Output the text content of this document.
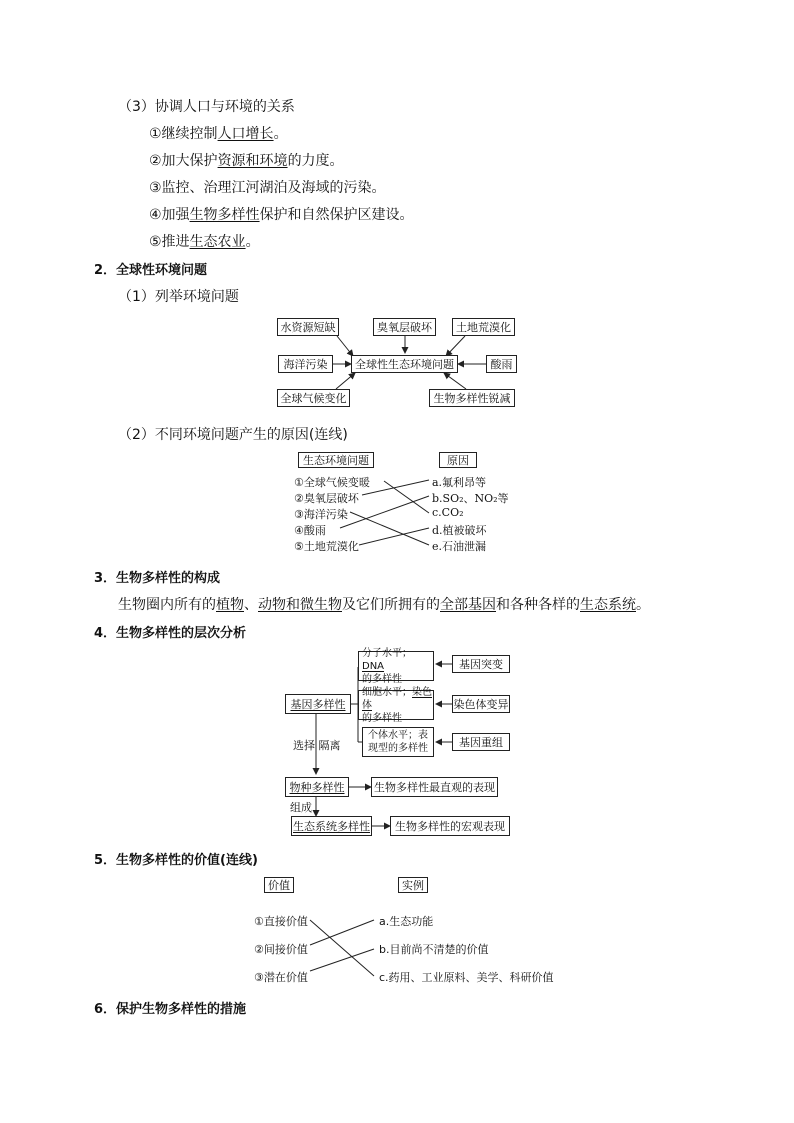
（3）协调人口与环境的关系
①继续控制人口增长。
②加大保护资源和环境的力度。
③监控、治理江河湖泊及海域的污染。
④加强生物多样性保护和自然保护区建设。
⑤推进生态农业。
2．全球性环境问题
（1）列举环境问题
水资源短缺	臭氧层破坏	土地荒漠化
海洋污染	全球性生态环境问题	酸雨
全球气候变化	生物多样性锐减
（2）不同环境问题产生的原因(连线)
生态环境问题	原因
①全球气候变暖
②臭氧层破坏
③海洋污染
④酸雨
⑤土地荒漠化
a.氟利昂等
b.SO₂、NO₂等
c.CO₂
d.植被破坏
e.石油泄漏
3．生物多样性的构成
生物圈内所有的植物、动物和微生物及它们所拥有的全部基因和各种各样的生态系统。
4．生物多样性的层次分析
基因多样性
分子水平；DNA
的多样性
细胞水平；染色体
的多样性
个体水平；表现型的多样性
基因突变
染色体变异
基因重组
选择 隔离
物种多样性	生物多样性最直观的表现
组成
生态系统多样性	生物多样性的宏观表现
5．生物多样性的价值(连线)
价值	实例
①直接价值
②间接价值
③潜在价值
a.生态功能
b.目前尚不清楚的价值
c.药用、工业原料、美学、科研价值
6．保护生物多样性的措施
